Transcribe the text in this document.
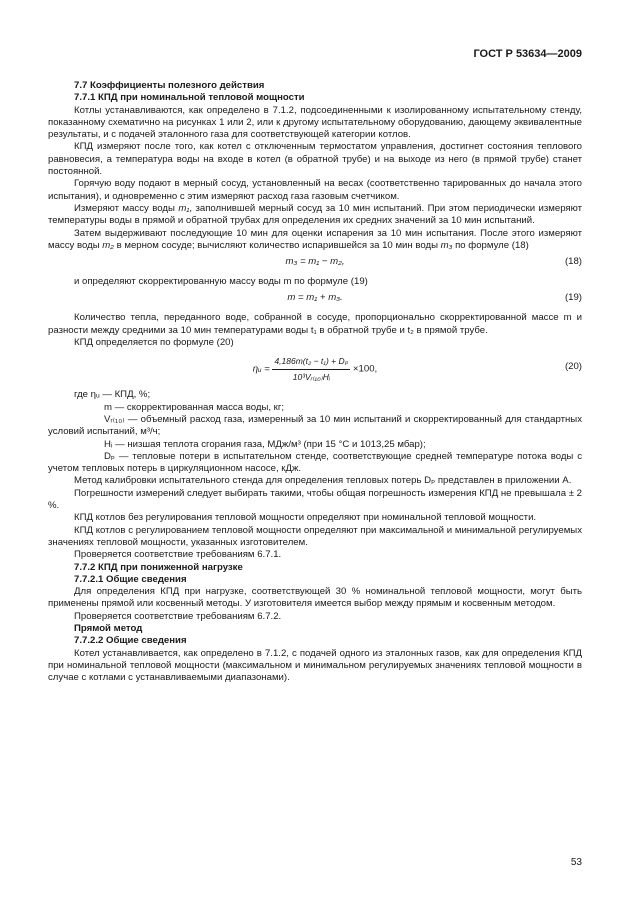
ГОСТ Р 53634—2009

7.7 Коэффициенты полезного действия

7.7.1 КПД при номинальной тепловой мощности

Котлы устанавливаются, как определено в 7.1.2, подсоединенными к изолированному испытательному стенду, показанному схематично на рисунках 1 или 2, или к другому испытательному оборудованию, дающему эквивалентные результаты, и с подачей эталонного газа для соответствующей категории котлов.

КПД измеряют после того, как котел с отключенным термостатом управления, достигнет состояния теплового равновесия, а температура воды на входе в котел (в обратной трубе) и на выходе из него (в прямой трубе) станет постоянной.

Горячую воду подают в мерный сосуд, установленный на весах (соответственно тарированных до начала этого испытания), и одновременно с этим измеряют расход газа газовым счетчиком.

Измеряют массу воды m₁, заполнившей мерный сосуд за 10 мин испытаний. При этом периодически измеряют температуры воды в прямой и обратной трубах для определения их средних значений за 10 мин испытаний.

Затем выдерживают последующие 10 мин для оценки испарения за 10 мин испытания. После этого измеряют массу воды m₂ в мерном сосуде; вычисляют количество испарившейся за 10 мин воды m₃ по формуле (18)

m₃ = m₁ − m₂,	(18)

и определяют скорректированную массу воды m по формуле (19)

m = m₁ + m₃.	(19)

Количество тепла, переданного воде, собранной в сосуде, пропорционально скорректированной массе m и разности между средними за 10 мин температурами воды t₁ в обратной трубе и t₂ в прямой трубе.

КПД определяется по формуле (20)

ηᵤ = $\frac{\text{4,186m(t₂ − t₁) + Dₚ}}{\text{10³Vᵣ₍₁₀₎Hᵢ}} \times 100$,	(20)

где ηᵤ — КПД, %;

m — скорректированная масса воды, кг;

Vᵣ₍₁₀₎ — объемный расход газа, измеренный за 10 мин испытаний и скорректированный для стандартных условий испытаний, м³/ч;

Hᵢ — низшая теплота сгорания газа, МДж/м³ (при 15 °С и 1013,25 мбар);

Dₚ — тепловые потери в испытательном стенде, соответствующие средней температуре потока воды с учетом тепловых потерь в циркуляционном насосе, кДж.

Метод калибровки испытательного стенда для определения тепловых потерь Dₚ представлен в приложении А.

Погрешности измерений следует выбирать такими, чтобы общая погрешность измерения КПД не превышала ± 2 %.

КПД котлов без регулирования тепловой мощности определяют при номинальной тепловой мощности.

КПД котлов с регулированием тепловой мощности определяют при максимальной и минимальной регулируемых значениях тепловой мощности, указанных изготовителем.

Проверяется соответствие требованиям 6.7.1.

7.7.2 КПД при пониженной нагрузке

7.7.2.1 Общие сведения

Для определения КПД при нагрузке, соответствующей 30 % номинальной тепловой мощности, могут быть применены прямой или косвенный методы. У изготовителя имеется выбор между прямым и косвенным методом.

Проверяется соответствие требованиям 6.7.2.

Прямой метод

7.7.2.2 Общие сведения

Котел устанавливается, как определено в 7.1.2, с подачей одного из эталонных газов, как для определения КПД при номинальной тепловой мощности (максимальном и минимальном регулируемых значениях тепловой мощности в случае с котлами с устанавливаемыми диапазонами).

53
